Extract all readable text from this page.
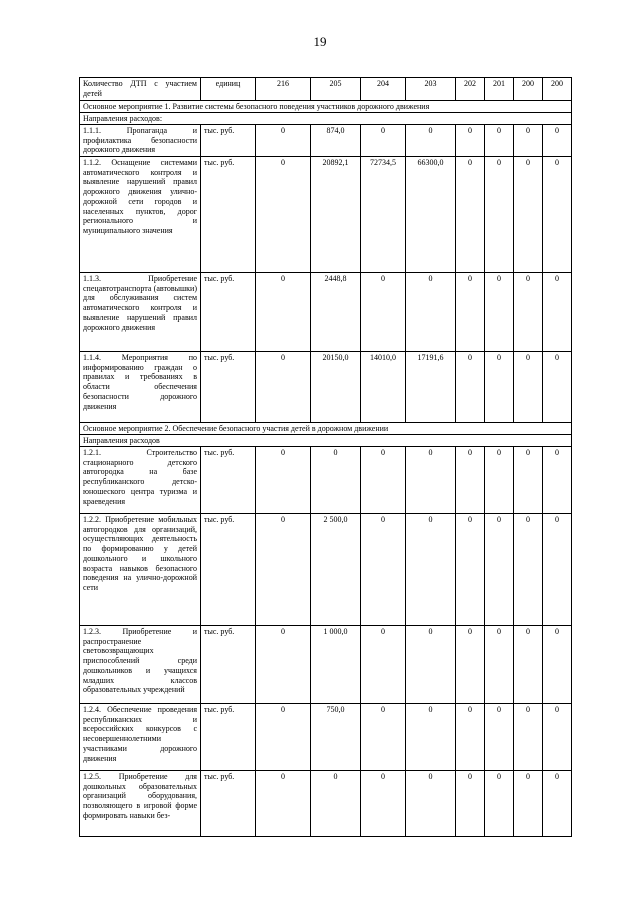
19
Количество ДТП с участием детей	единиц	216	205	204	203	202	201	200	200
Основное мероприятие 1. Развитие системы безопасного поведения участников дорожного движения									
Направления расходов:									
1.1.1. Пропаганда и профилактика безопасности дорожного движения	тыс. руб.	0	874,0	0	0	0	0	0	0
1.1.2. Оснащение системами автоматического контроля и выявление нарушений правил дорожного движения улично-дорожной сети городов и населенных пунктов, дорог регионального и муниципального значения	тыс. руб.	0	20892,1	72734,5	66300,0	0	0	0	0
1.1.3. Приобретение спецавтотранспорта (автовышки) для обслуживания систем автоматического контроля и выявление нарушений правил дорожного движения	тыс. руб.	0	2448,8	0	0	0	0	0	0
1.1.4. Мероприятия по информированию граждан о правилах и требованиях в области обеспечения безопасности дорожного движения	тыс. руб.	0	20150,0	14010,0	17191,6	0	0	0	0
Основное мероприятие 2. Обеспечение безопасного участия детей в дорожном движении									
Направления расходов									
1.2.1. Строительство стационарного детского автогородка на базе республиканского детско-юношеского центра туризма и краеведения	тыс. руб.	0	0	0	0	0	0	0	0
1.2.2. Приобретение мобильных автогородков для организаций, осуществляющих деятельность по формированию у детей дошкольного и школьного возраста навыков безопасного поведения на улично-дорожной сети	тыс. руб.	0	2 500,0	0	0	0	0	0	0
1.2.3. Приобретение и распространение световозвращающих приспособлений среди дошкольников и учащихся младших классов образовательных учреждений	тыс. руб.	0	1 000,0	0	0	0	0	0	0
1.2.4. Обеспечение проведения республиканских и всероссийских конкурсов с несовершеннолетними участниками дорожного движения	тыс. руб.	0	750,0	0	0	0	0	0	0
1.2.5. Приобретение для дошкольных образовательных организаций оборудования, позволяющего в игровой форме формировать навыки без-	тыс. руб.	0	0	0	0	0	0	0	0
